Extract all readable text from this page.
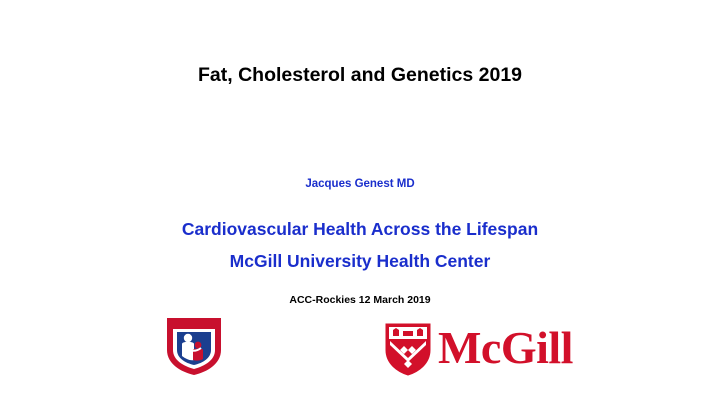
Fat, Cholesterol and Genetics 2019
Jacques Genest MD
Cardiovascular Health Across the Lifespan
McGill University Health Center
ACC-Rockies 12 March 2019
McGill
